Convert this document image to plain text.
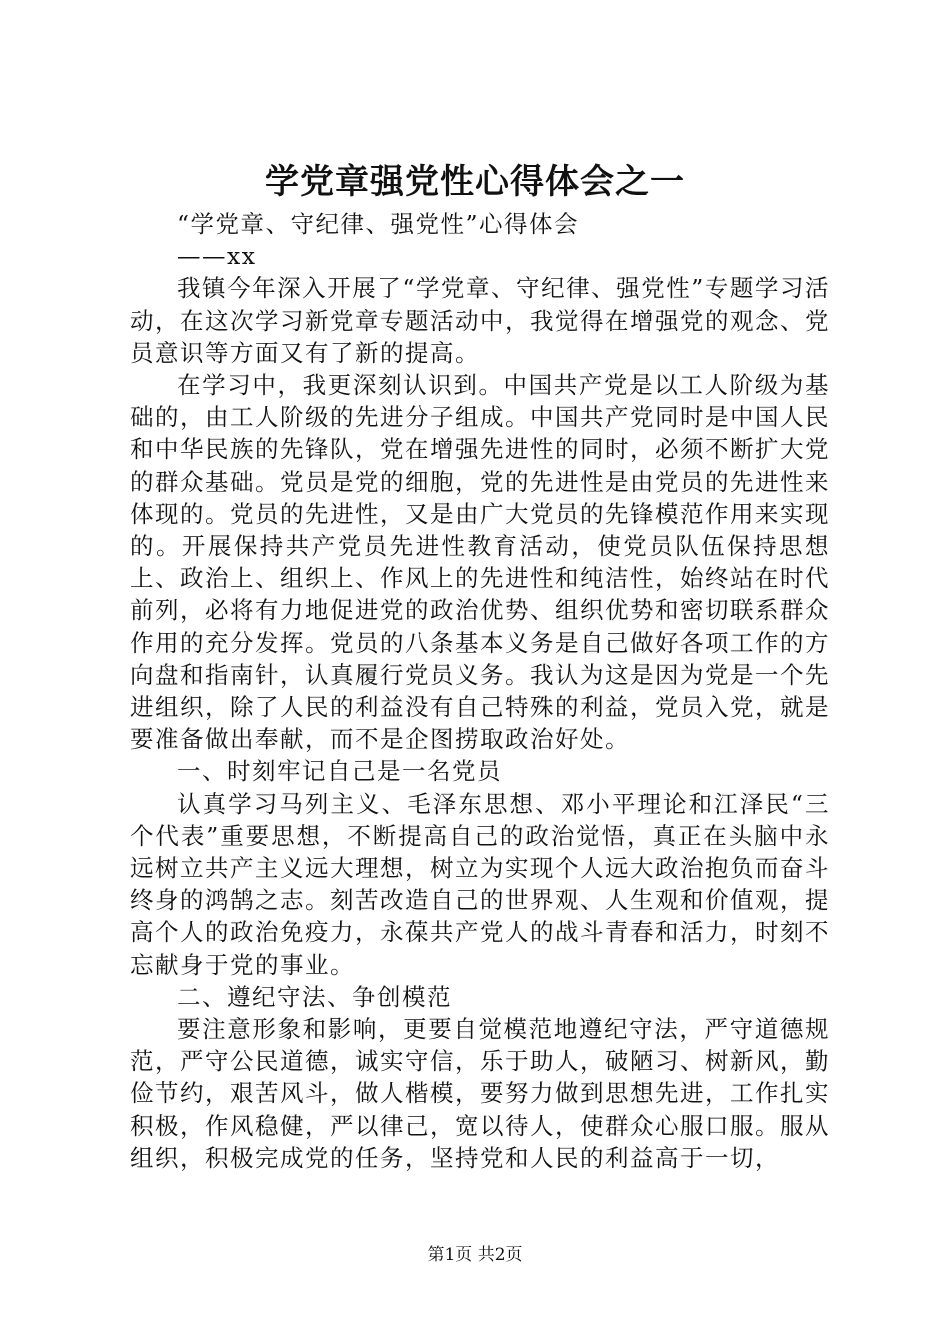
学党章强党性心得体会之一

“学党章、守纪律、强党性”心得体会

——xx

我镇今年深入开展了“学党章、守纪律、强党性”专题学习活动，在这次学习新党章专题活动中，我觉得在增强党的观念、党员意识等方面又有了新的提高。

在学习中，我更深刻认识到。中国共产党是以工人阶级为基础的，由工人阶级的先进分子组成。中国共产党同时是中国人民和中华民族的先锋队，党在增强先进性的同时，必须不断扩大党的群众基础。党员是党的细胞，党的先进性是由党员的先进性来体现的。党员的先进性，又是由广大党员的先锋模范作用来实现的。开展保持共产党员先进性教育活动，使党员队伍保持思想上、政治上、组织上、作风上的先进性和纯洁性，始终站在时代前列，必将有力地促进党的政治优势、组织优势和密切联系群众作用的充分发挥。党员的八条基本义务是自己做好各项工作的方向盘和指南针，认真履行党员义务。我认为这是因为党是一个先进组织，除了人民的利益没有自己特殊的利益，党员入党，就是要准备做出奉献，而不是企图捞取政治好处。

一、时刻牢记自己是一名党员

认真学习马列主义、毛泽东思想、邓小平理论和江泽民“三个代表”重要思想，不断提高自己的政治觉悟，真正在头脑中永远树立共产主义远大理想，树立为实现个人远大政治抱负而奋斗终身的鸿鹄之志。刻苦改造自己的世界观、人生观和价值观，提高个人的政治免疫力，永葆共产党人的战斗青春和活力，时刻不忘献身于党的事业。

二、遵纪守法、争创模范

要注意形象和影响，更要自觉模范地遵纪守法，严守道德规范，严守公民道德，诚实守信，乐于助人，破陋习、树新风，勤俭节约，艰苦风斗，做人楷模，要努力做到思想先进，工作扎实积极，作风稳健，严以律己，宽以待人，使群众心服口服。服从组织，积极完成党的任务，坚持党和人民的利益高于一切，

第1页 共2页
